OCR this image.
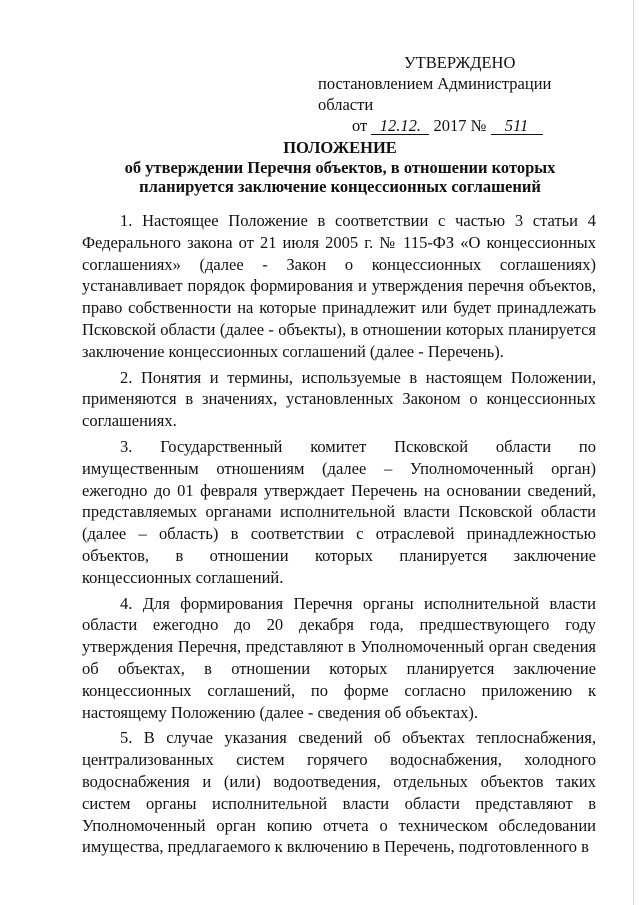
УТВЕРЖДЕНО
постановлением Администрации области
от 12.12. 2017 № 511
ПОЛОЖЕНИЕ
об утверждении Перечня объектов, в отношении которых планируется заключение концессионных соглашений

1. Настоящее Положение в соответствии с частью 3 статьи 4 Федерального закона от 21 июля 2005 г. № 115-ФЗ «О концессионных соглашениях» (далее - Закон о концессионных соглашениях) устанавливает порядок формирования и утверждения перечня объектов, право собственности на которые принадлежит или будет принадлежать Псковской области (далее - объекты), в отношении которых планируется заключение концессионных соглашений (далее - Перечень).

2. Понятия и термины, используемые в настоящем Положении, применяются в значениях, установленных Законом о концессионных соглашениях.

3. Государственный комитет Псковской области по имущественным отношениям (далее – Уполномоченный орган) ежегодно до 01 февраля утверждает Перечень на основании сведений, представляемых органами исполнительной власти Псковской области (далее – область) в соответствии с отраслевой принадлежностью объектов, в отношении которых планируется заключение концессионных соглашений.

4. Для формирования Перечня органы исполнительной власти области ежегодно до 20 декабря года, предшествующего году утверждения Перечня, представляют в Уполномоченный орган сведения об объектах, в отношении которых планируется заключение концессионных соглашений, по форме согласно приложению к настоящему Положению (далее - сведения об объектах).

5. В случае указания сведений об объектах теплоснабжения, централизованных систем горячего водоснабжения, холодного водоснабжения и (или) водоотведения, отдельных объектов таких систем органы исполнительной власти области представляют в Уполномоченный орган копию отчета о техническом обследовании имущества, предлагаемого к включению в Перечень, подготовленного в
